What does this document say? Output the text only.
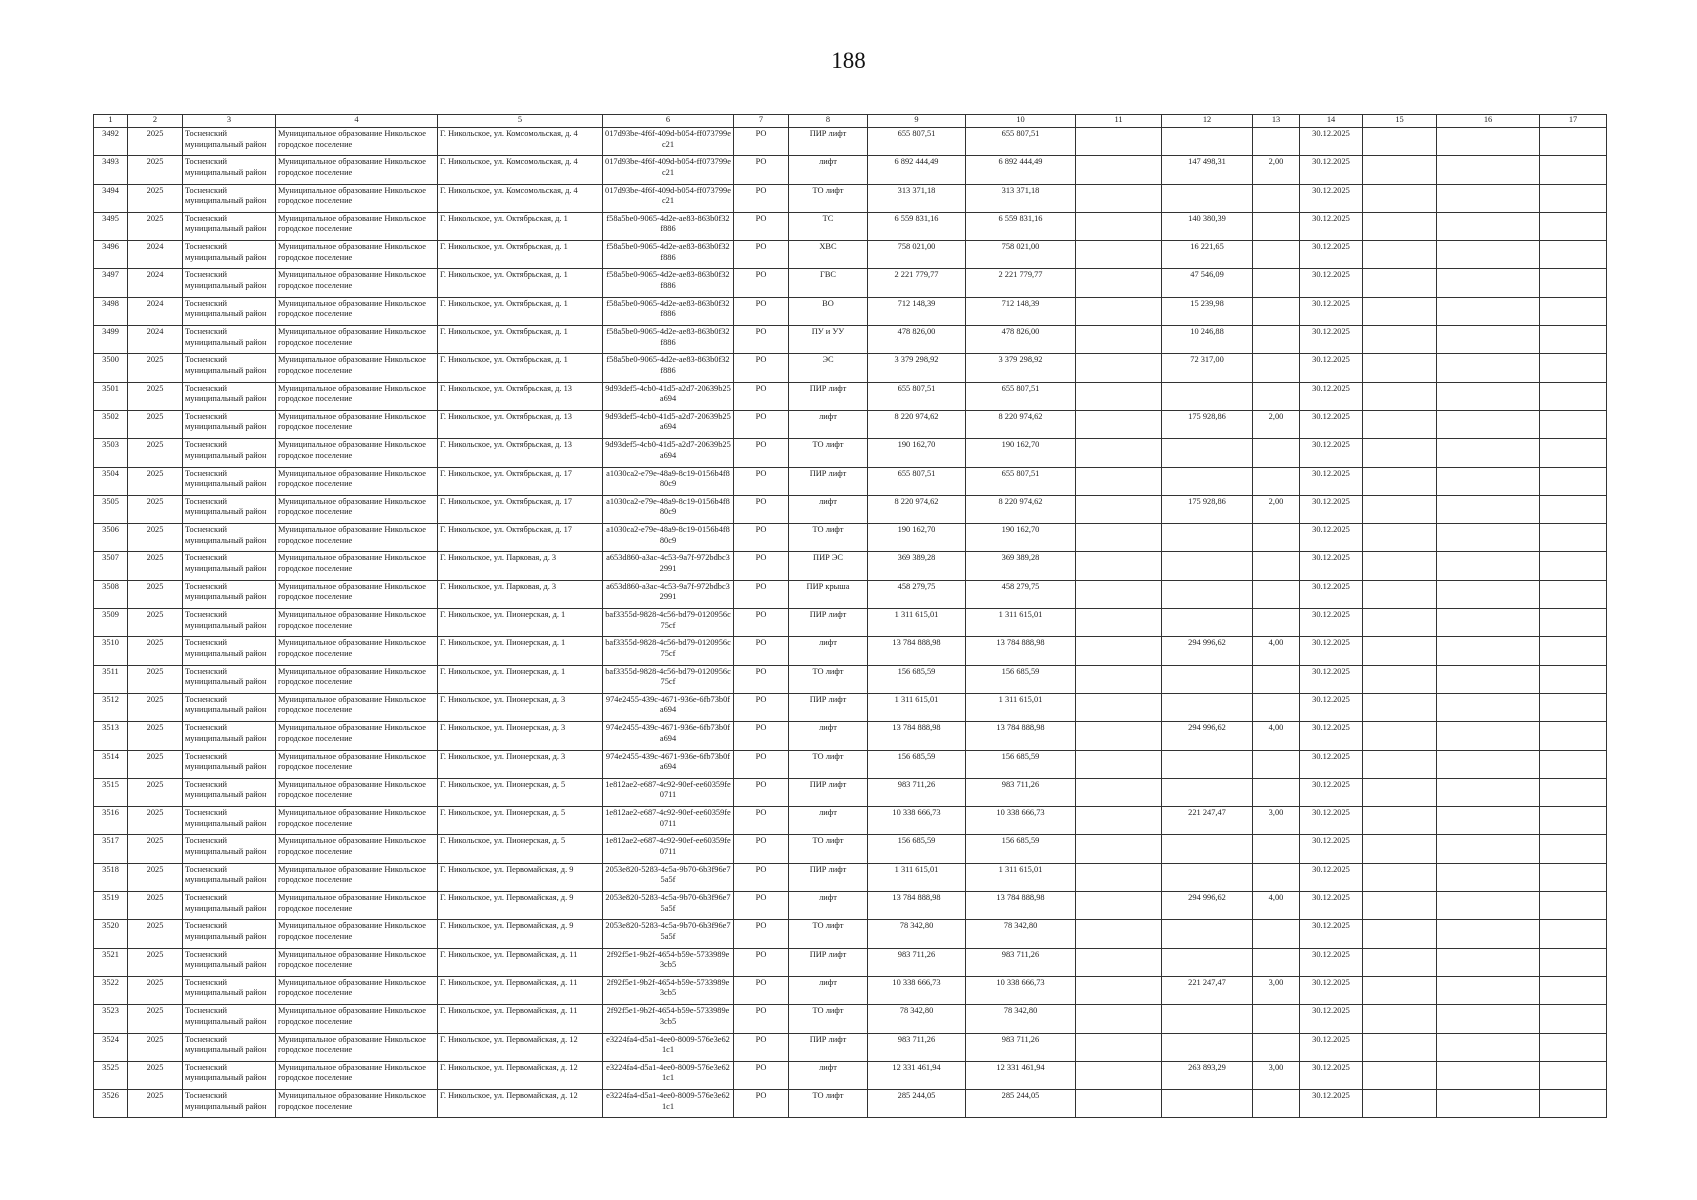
188
1	2	3	4	5	6	7	8	9	10	11	12	13	14	15	16	17
3492	2025	Тосненский муниципальный район	Муниципальное образование Никольское городское поселение	Г. Никольское, ул. Комсомольская, д. 4	017d93be-4f6f-409d-b054-ff073799ec21	РО	ПИР лифт	655 807,51	655 807,51				30.12.2025			
3493	2025	Тосненский муниципальный район	Муниципальное образование Никольское городское поселение	Г. Никольское, ул. Комсомольская, д. 4	017d93be-4f6f-409d-b054-ff073799ec21	РО	лифт	6 892 444,49	6 892 444,49		147 498,31	2,00	30.12.2025			
3494	2025	Тосненский муниципальный район	Муниципальное образование Никольское городское поселение	Г. Никольское, ул. Комсомольская, д. 4	017d93be-4f6f-409d-b054-ff073799ec21	РО	ТО лифт	313 371,18	313 371,18				30.12.2025			
3495	2025	Тосненский муниципальный район	Муниципальное образование Никольское городское поселение	Г. Никольское, ул. Октябрьская, д. 1	f58a5be0-9065-4d2e-ae83-863b0f32f886	РО	ТС	6 559 831,16	6 559 831,16		140 380,39		30.12.2025			
3496	2024	Тосненский муниципальный район	Муниципальное образование Никольское городское поселение	Г. Никольское, ул. Октябрьская, д. 1	f58a5be0-9065-4d2e-ae83-863b0f32f886	РО	ХВС	758 021,00	758 021,00		16 221,65		30.12.2025			
3497	2024	Тосненский муниципальный район	Муниципальное образование Никольское городское поселение	Г. Никольское, ул. Октябрьская, д. 1	f58a5be0-9065-4d2e-ae83-863b0f32f886	РО	ГВС	2 221 779,77	2 221 779,77		47 546,09		30.12.2025			
3498	2024	Тосненский муниципальный район	Муниципальное образование Никольское городское поселение	Г. Никольское, ул. Октябрьская, д. 1	f58a5be0-9065-4d2e-ae83-863b0f32f886	РО	ВО	712 148,39	712 148,39		15 239,98		30.12.2025			
3499	2024	Тосненский муниципальный район	Муниципальное образование Никольское городское поселение	Г. Никольское, ул. Октябрьская, д. 1	f58a5be0-9065-4d2e-ae83-863b0f32f886	РО	ПУ и УУ	478 826,00	478 826,00		10 246,88		30.12.2025			
3500	2025	Тосненский муниципальный район	Муниципальное образование Никольское городское поселение	Г. Никольское, ул. Октябрьская, д. 1	f58a5be0-9065-4d2e-ae83-863b0f32f886	РО	ЭС	3 379 298,92	3 379 298,92		72 317,00		30.12.2025			
3501	2025	Тосненский муниципальный район	Муниципальное образование Никольское городское поселение	Г. Никольское, ул. Октябрьская, д. 13	9d93def5-4cb0-41d5-a2d7-20639b25a694	РО	ПИР лифт	655 807,51	655 807,51				30.12.2025			
3502	2025	Тосненский муниципальный район	Муниципальное образование Никольское городское поселение	Г. Никольское, ул. Октябрьская, д. 13	9d93def5-4cb0-41d5-a2d7-20639b25a694	РО	лифт	8 220 974,62	8 220 974,62		175 928,86	2,00	30.12.2025			
3503	2025	Тосненский муниципальный район	Муниципальное образование Никольское городское поселение	Г. Никольское, ул. Октябрьская, д. 13	9d93def5-4cb0-41d5-a2d7-20639b25a694	РО	ТО лифт	190 162,70	190 162,70				30.12.2025			
3504	2025	Тосненский муниципальный район	Муниципальное образование Никольское городское поселение	Г. Никольское, ул. Октябрьская, д. 17	a1030ca2-e79e-48a9-8c19-0156b4f880c9	РО	ПИР лифт	655 807,51	655 807,51				30.12.2025			
3505	2025	Тосненский муниципальный район	Муниципальное образование Никольское городское поселение	Г. Никольское, ул. Октябрьская, д. 17	a1030ca2-e79e-48a9-8c19-0156b4f880c9	РО	лифт	8 220 974,62	8 220 974,62		175 928,86	2,00	30.12.2025			
3506	2025	Тосненский муниципальный район	Муниципальное образование Никольское городское поселение	Г. Никольское, ул. Октябрьская, д. 17	a1030ca2-e79e-48a9-8c19-0156b4f880c9	РО	ТО лифт	190 162,70	190 162,70				30.12.2025			
3507	2025	Тосненский муниципальный район	Муниципальное образование Никольское городское поселение	Г. Никольское, ул. Парковая, д. 3	a653d860-a3ac-4c53-9a7f-972bdbc32991	РО	ПИР ЭС	369 389,28	369 389,28				30.12.2025			
3508	2025	Тосненский муниципальный район	Муниципальное образование Никольское городское поселение	Г. Никольское, ул. Парковая, д. 3	a653d860-a3ac-4c53-9a7f-972bdbc32991	РО	ПИР крыша	458 279,75	458 279,75				30.12.2025			
3509	2025	Тосненский муниципальный район	Муниципальное образование Никольское городское поселение	Г. Никольское, ул. Пионерская, д. 1	baf3355d-9828-4c56-bd79-0120956c75cf	РО	ПИР лифт	1 311 615,01	1 311 615,01				30.12.2025			
3510	2025	Тосненский муниципальный район	Муниципальное образование Никольское городское поселение	Г. Никольское, ул. Пионерская, д. 1	baf3355d-9828-4c56-bd79-0120956c75cf	РО	лифт	13 784 888,98	13 784 888,98		294 996,62	4,00	30.12.2025			
3511	2025	Тосненский муниципальный район	Муниципальное образование Никольское городское поселение	Г. Никольское, ул. Пионерская, д. 1	baf3355d-9828-4c56-bd79-0120956c75cf	РО	ТО лифт	156 685,59	156 685,59				30.12.2025			
3512	2025	Тосненский муниципальный район	Муниципальное образование Никольское городское поселение	Г. Никольское, ул. Пионерская, д. 3	974e2455-439c-4671-936e-6fb73b0fa694	РО	ПИР лифт	1 311 615,01	1 311 615,01				30.12.2025			
3513	2025	Тосненский муниципальный район	Муниципальное образование Никольское городское поселение	Г. Никольское, ул. Пионерская, д. 3	974e2455-439c-4671-936e-6fb73b0fa694	РО	лифт	13 784 888,98	13 784 888,98		294 996,62	4,00	30.12.2025			
3514	2025	Тосненский муниципальный район	Муниципальное образование Никольское городское поселение	Г. Никольское, ул. Пионерская, д. 3	974e2455-439c-4671-936e-6fb73b0fa694	РО	ТО лифт	156 685,59	156 685,59				30.12.2025			
3515	2025	Тосненский муниципальный район	Муниципальное образование Никольское городское поселение	Г. Никольское, ул. Пионерская, д. 5	1e812ae2-e687-4c92-90ef-ee60359fe0711	РО	ПИР лифт	983 711,26	983 711,26				30.12.2025			
3516	2025	Тосненский муниципальный район	Муниципальное образование Никольское городское поселение	Г. Никольское, ул. Пионерская, д. 5	1e812ae2-e687-4c92-90ef-ee60359fe0711	РО	лифт	10 338 666,73	10 338 666,73		221 247,47	3,00	30.12.2025			
3517	2025	Тосненский муниципальный район	Муниципальное образование Никольское городское поселение	Г. Никольское, ул. Пионерская, д. 5	1e812ae2-e687-4c92-90ef-ee60359fe0711	РО	ТО лифт	156 685,59	156 685,59				30.12.2025			
3518	2025	Тосненский муниципальный район	Муниципальное образование Никольское городское поселение	Г. Никольское, ул. Первомайская, д. 9	2053e820-5283-4c5a-9b70-6b3f96e75a5f	РО	ПИР лифт	1 311 615,01	1 311 615,01				30.12.2025			
3519	2025	Тосненский муниципальный район	Муниципальное образование Никольское городское поселение	Г. Никольское, ул. Первомайская, д. 9	2053e820-5283-4c5a-9b70-6b3f96e75a5f	РО	лифт	13 784 888,98	13 784 888,98		294 996,62	4,00	30.12.2025			
3520	2025	Тосненский муниципальный район	Муниципальное образование Никольское городское поселение	Г. Никольское, ул. Первомайская, д. 9	2053e820-5283-4c5a-9b70-6b3f96e75a5f	РО	ТО лифт	78 342,80	78 342,80				30.12.2025			
3521	2025	Тосненский муниципальный район	Муниципальное образование Никольское городское поселение	Г. Никольское, ул. Первомайская, д. 11	2f92f5e1-9b2f-4654-b59e-5733989e3cb5	РО	ПИР лифт	983 711,26	983 711,26				30.12.2025			
3522	2025	Тосненский муниципальный район	Муниципальное образование Никольское городское поселение	Г. Никольское, ул. Первомайская, д. 11	2f92f5e1-9b2f-4654-b59e-5733989e3cb5	РО	лифт	10 338 666,73	10 338 666,73		221 247,47	3,00	30.12.2025			
3523	2025	Тосненский муниципальный район	Муниципальное образование Никольское городское поселение	Г. Никольское, ул. Первомайская, д. 11	2f92f5e1-9b2f-4654-b59e-5733989e3cb5	РО	ТО лифт	78 342,80	78 342,80				30.12.2025			
3524	2025	Тосненский муниципальный район	Муниципальное образование Никольское городское поселение	Г. Никольское, ул. Первомайская, д. 12	e3224fa4-d5a1-4ee0-8009-576e3e621c1	РО	ПИР лифт	983 711,26	983 711,26				30.12.2025			
3525	2025	Тосненский муниципальный район	Муниципальное образование Никольское городское поселение	Г. Никольское, ул. Первомайская, д. 12	e3224fa4-d5a1-4ee0-8009-576e3e621c1	РО	лифт	12 331 461,94	12 331 461,94		263 893,29	3,00	30.12.2025			
3526	2025	Тосненский муниципальный район	Муниципальное образование Никольское городское поселение	Г. Никольское, ул. Первомайская, д. 12	e3224fa4-d5a1-4ee0-8009-576e3e621c1	РО	ТО лифт	285 244,05	285 244,05				30.12.2025			
